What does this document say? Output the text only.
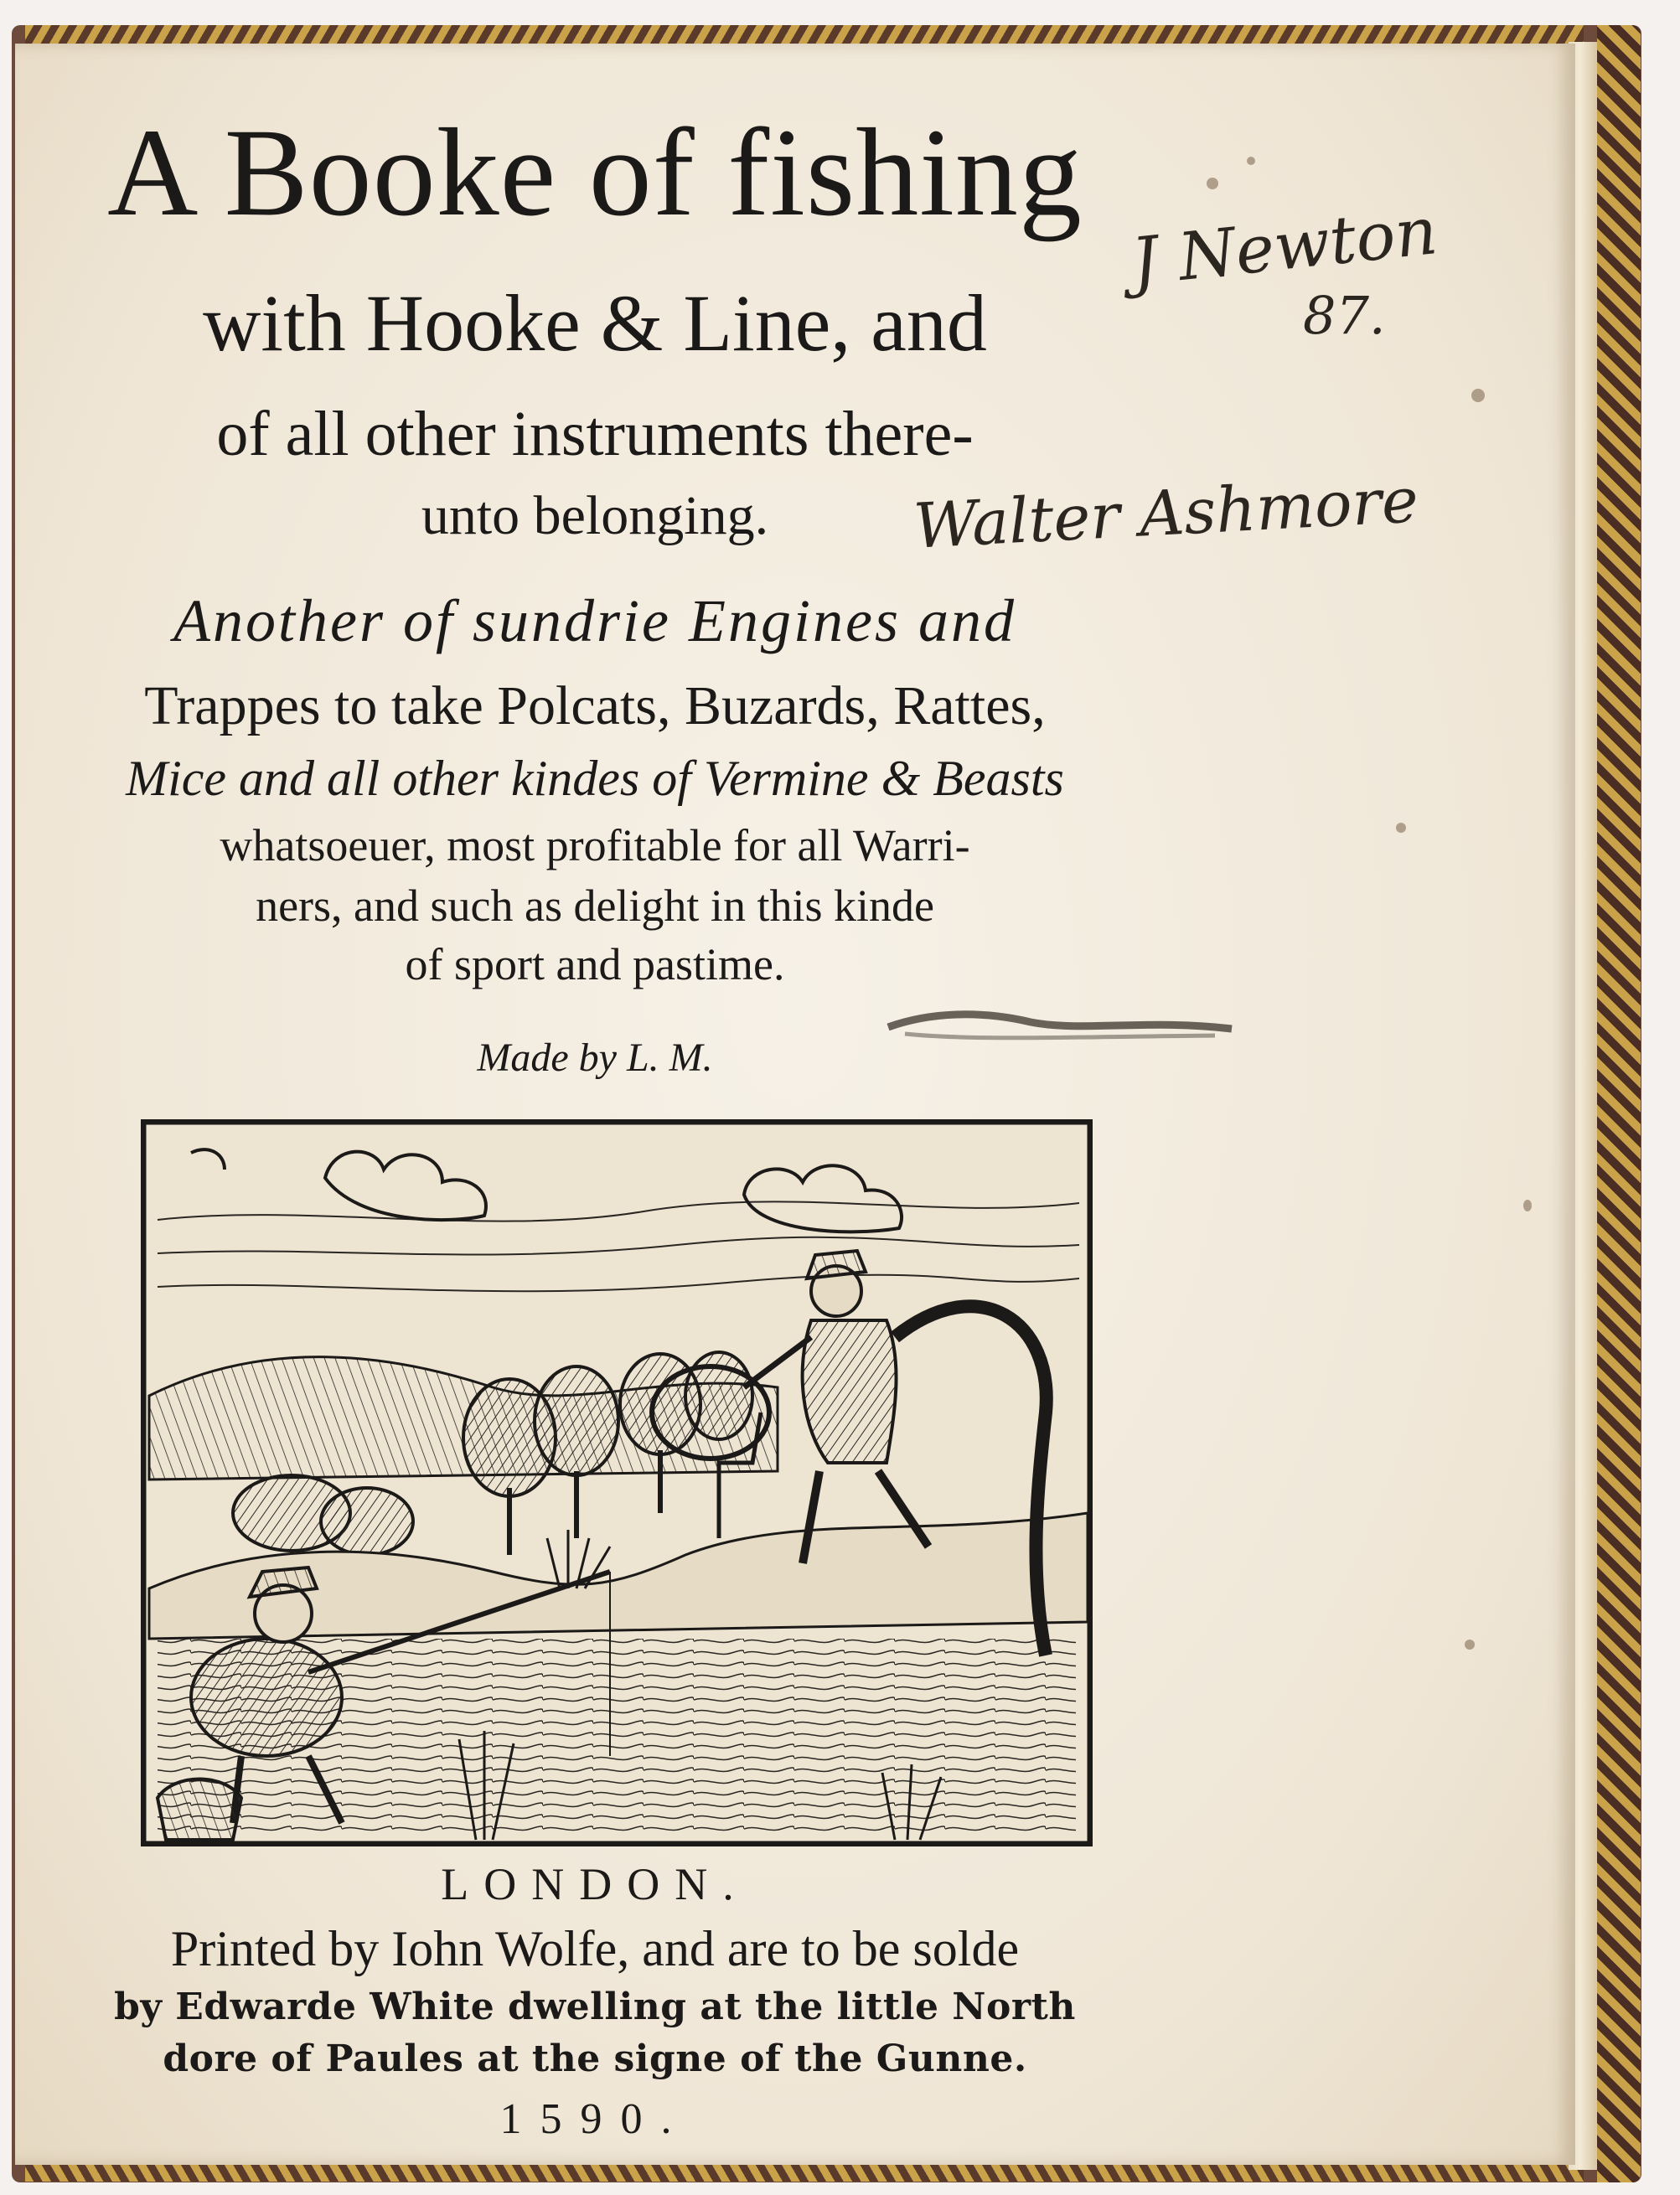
A Booke of fishing
with Hooke & Line, and
of all other instruments there-
unto belonging.
Another of sundrie Engines and
Trappes to take Polcats, Buzards, Rattes,
Mice and all other kindes of Vermine & Beasts
whatsoeuer, most profitable for all Warri-
ners, and such as delight in this kinde
of sport and pastime.
Made by L. M.
J Newton
87.
Walter Ashmore
LONDON.
Printed by Iohn Wolfe, and are to be solde
by Edwarde White dwelling at the little North
dore of Paules at the signe of the Gunne.
1590.
